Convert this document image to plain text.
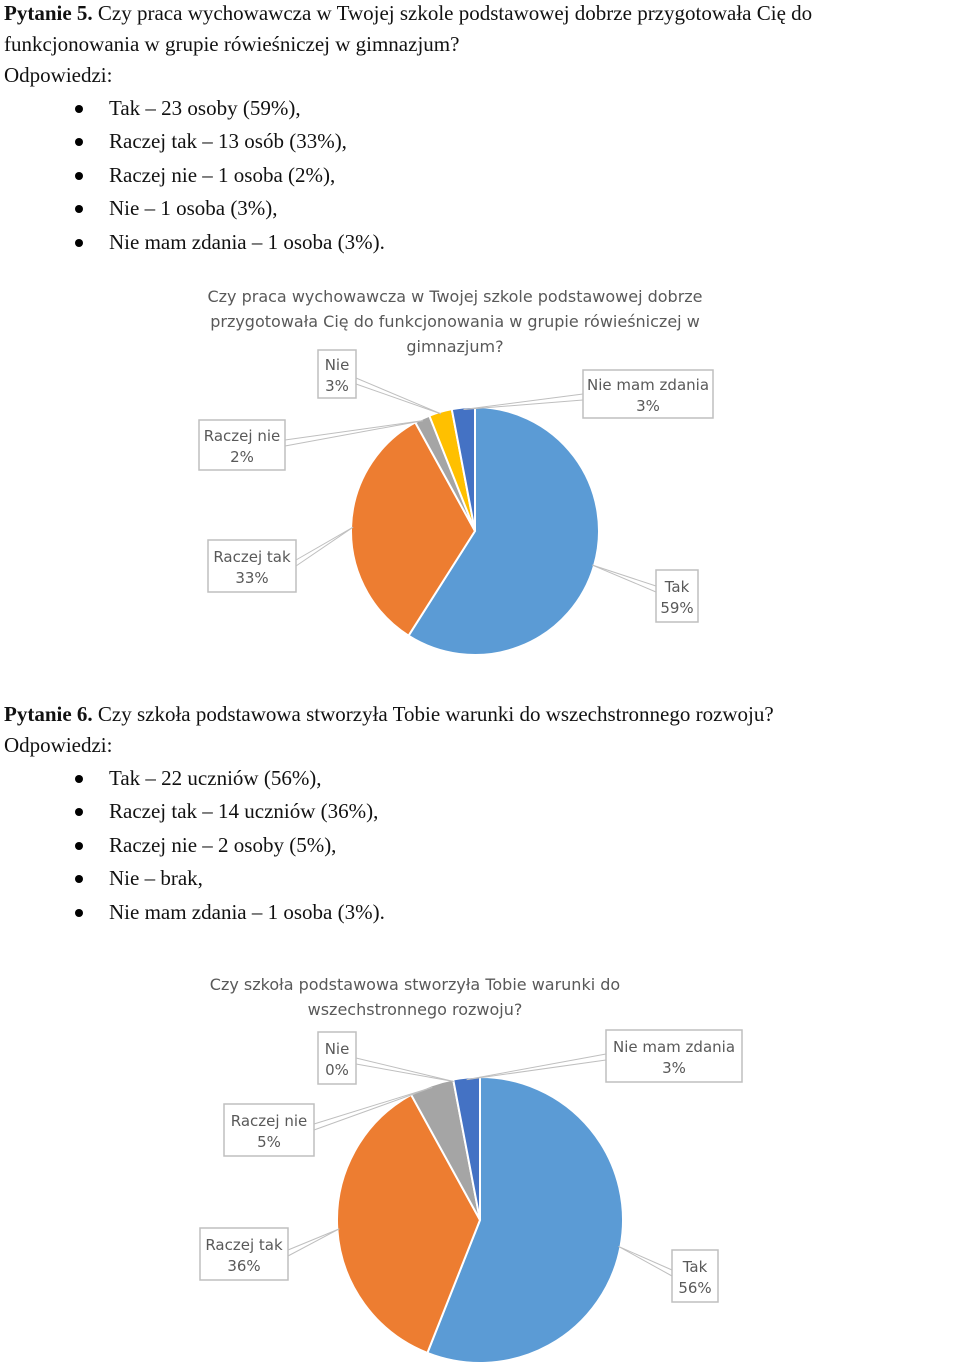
Pytanie 5. Czy praca wychowawcza w Twojej szkole podstawowej dobrze przygotowała Cię do
funkcjonowania w grupie rówieśniczej w gimnazjum?
Odpowiedzi:
Tak – 23 osoby (59%),
Raczej tak – 13 osób (33%),
Raczej nie – 1 osoba (2%),
Nie – 1 osoba (3%),
Nie mam zdania – 1 osoba (3%).
Czy praca wychowawcza w Twojej szkole podstawowej dobrze
przygotowała Cię do funkcjonowania w grupie rówieśniczej w
gimnazjum?
Tak
59%
Raczej tak
33%
Raczej nie
2%
Nie
3%	Nie mam zdania
3%
Pytanie 6. Czy szkoła podstawowa stworzyła Tobie warunki do wszechstronnego rozwoju?
Odpowiedzi:
Tak – 22 uczniów (56%),
Raczej tak – 14 uczniów (36%),
Raczej nie – 2 osoby (5%),
Nie – brak,
Nie mam zdania – 1 osoba (3%).
Czy szkoła podstawowa stworzyła Tobie warunki do
wszechstronnego rozwoju?
Tak
56%
Raczej tak
36%
Raczej nie
5%
Nie
0%
Nie mam zdania
3%
